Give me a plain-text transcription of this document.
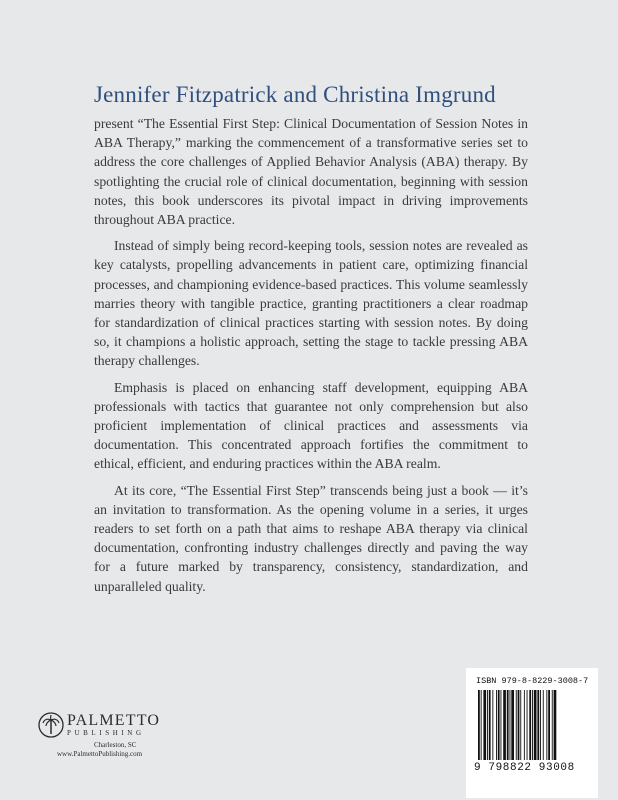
Jennifer Fitzpatrick and Christina Imgrund

present “The Essential First Step: Clinical Documentation of Session Notes in ABA Therapy,” marking the commencement of a transformative series set to address the core challenges of Applied Behavior Analysis (ABA) therapy. By spotlighting the crucial role of clinical documentation, beginning with session notes, this book underscores its pivotal impact in driving improvements throughout ABA practice.

Instead of simply being record-keeping tools, session notes are revealed as key catalysts, propelling advancements in patient care, optimizing financial processes, and championing evidence-based practices. This volume seamlessly marries theory with tangible practice, granting practitioners a clear roadmap for standardization of clinical practices starting with session notes. By doing so, it champions a holistic approach, setting the stage to tackle pressing ABA therapy challenges.

Emphasis is placed on enhancing staff development, equipping ABA professionals with tactics that guarantee not only comprehension but also proficient implementation of clinical practices and assessments via documentation. This concentrated approach fortifies the commitment to ethical, efficient, and enduring practices within the ABA realm.

At its core, “The Essential First Step” transcends being just a book — it’s an invitation to transformation. As the opening volume in a series, it urges readers to set forth on a path that aims to reshape ABA therapy via clinical documentation, confronting industry challenges directly and paving the way for a future marked by transparency, consistency, standardization, and unparalleled quality.

PALMETTO
PUBLISHING
Charleston, SC
www.PalmettoPublishing.com
ISBN 979-8-8229-3008-7
9 798822 93008
